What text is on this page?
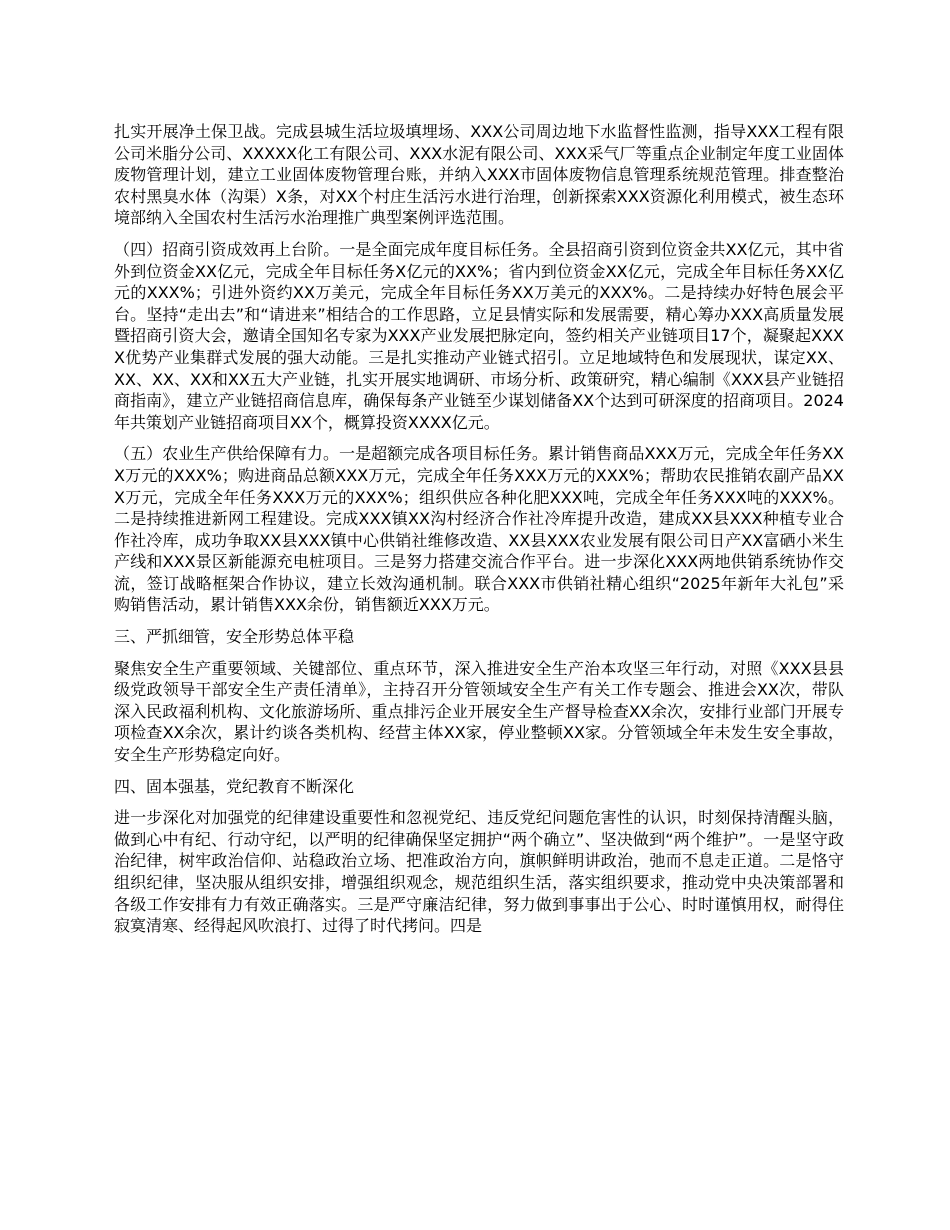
扎实开展净土保卫战。完成县城生活垃圾填埋场、XXX公司周边地下水监督性监测，指导XXX工程有限公司米脂分公司、XXXXX化工有限公司、XXX水泥有限公司、XXX采气厂等重点企业制定年度工业固体废物管理计划，建立工业固体废物管理台账，并纳入XXX市固体废物信息管理系统规范管理。排查整治农村黑臭水体（沟渠）X条，对XX个村庄生活污水进行治理，创新探索XXX资源化利用模式，被生态环境部纳入全国农村生活污水治理推广典型案例评选范围。

（四）招商引资成效再上台阶。一是全面完成年度目标任务。全县招商引资到位资金共XX亿元，其中省外到位资金XX亿元，完成全年目标任务X亿元的XX%；省内到位资金XX亿元，完成全年目标任务XX亿元的XXX%；引进外资约XX万美元，完成全年目标任务XX万美元的XXX%。二是持续办好特色展会平台。坚持“走出去”和“请进来”相结合的工作思路，立足县情实际和发展需要，精心筹办XXX高质量发展暨招商引资大会，邀请全国知名专家为XXX产业发展把脉定向，签约相关产业链项目17个，凝聚起XXXX优势产业集群式发展的强大动能。三是扎实推动产业链式招引。立足地域特色和发展现状，谋定XX、XX、XX、XX和XX五大产业链，扎实开展实地调研、市场分析、政策研究，精心编制《XXX县产业链招商指南》，建立产业链招商信息库，确保每条产业链至少谋划储备XX个达到可研深度的招商项目。2024年共策划产业链招商项目XX个，概算投资XXXX亿元。

（五）农业生产供给保障有力。一是超额完成各项目标任务。累计销售商品XXX万元，完成全年任务XXX万元的XXX%；购进商品总额XXX万元，完成全年任务XXX万元的XXX%；帮助农民推销农副产品XXX万元，完成全年任务XXX万元的XXX%；组织供应各种化肥XXX吨，完成全年任务XXX吨的XXX%。二是持续推进新网工程建设。完成XXX镇XX沟村经济合作社冷库提升改造，建成XX县XXX种植专业合作社冷库，成功争取XX县XXX镇中心供销社维修改造、XX县XXX农业发展有限公司日产XX富硒小米生产线和XXX景区新能源充电桩项目。三是努力搭建交流合作平台。进一步深化XXX两地供销系统协作交流，签订战略框架合作协议，建立长效沟通机制。联合XXX市供销社精心组织“2025年新年大礼包”采购销售活动，累计销售XXX余份，销售额近XXX万元。

三、严抓细管，安全形势总体平稳

聚焦安全生产重要领域、关键部位、重点环节，深入推进安全生产治本攻坚三年行动，对照《XXX县县级党政领导干部安全生产责任清单》，主持召开分管领域安全生产有关工作专题会、推进会XX次，带队深入民政福利机构、文化旅游场所、重点排污企业开展安全生产督导检查XX余次，安排行业部门开展专项检查XX余次，累计约谈各类机构、经营主体XX家，停业整顿XX家。分管领域全年未发生安全事故，安全生产形势稳定向好。

四、固本强基，党纪教育不断深化

进一步深化对加强党的纪律建设重要性和忽视党纪、违反党纪问题危害性的认识，时刻保持清醒头脑，做到心中有纪、行动守纪，以严明的纪律确保坚定拥护“两个确立”、坚决做到“两个维护”。一是坚守政治纪律，树牢政治信仰、站稳政治立场、把准政治方向，旗帜鲜明讲政治，弛而不息走正道。二是恪守组织纪律，坚决服从组织安排，增强组织观念，规范组织生活，落实组织要求，推动党中央决策部署和各级工作安排有力有效正确落实。三是严守廉洁纪律，努力做到事事出于公心、时时谨慎用权，耐得住寂寞清寒、经得起风吹浪打、过得了时代拷问。四是
